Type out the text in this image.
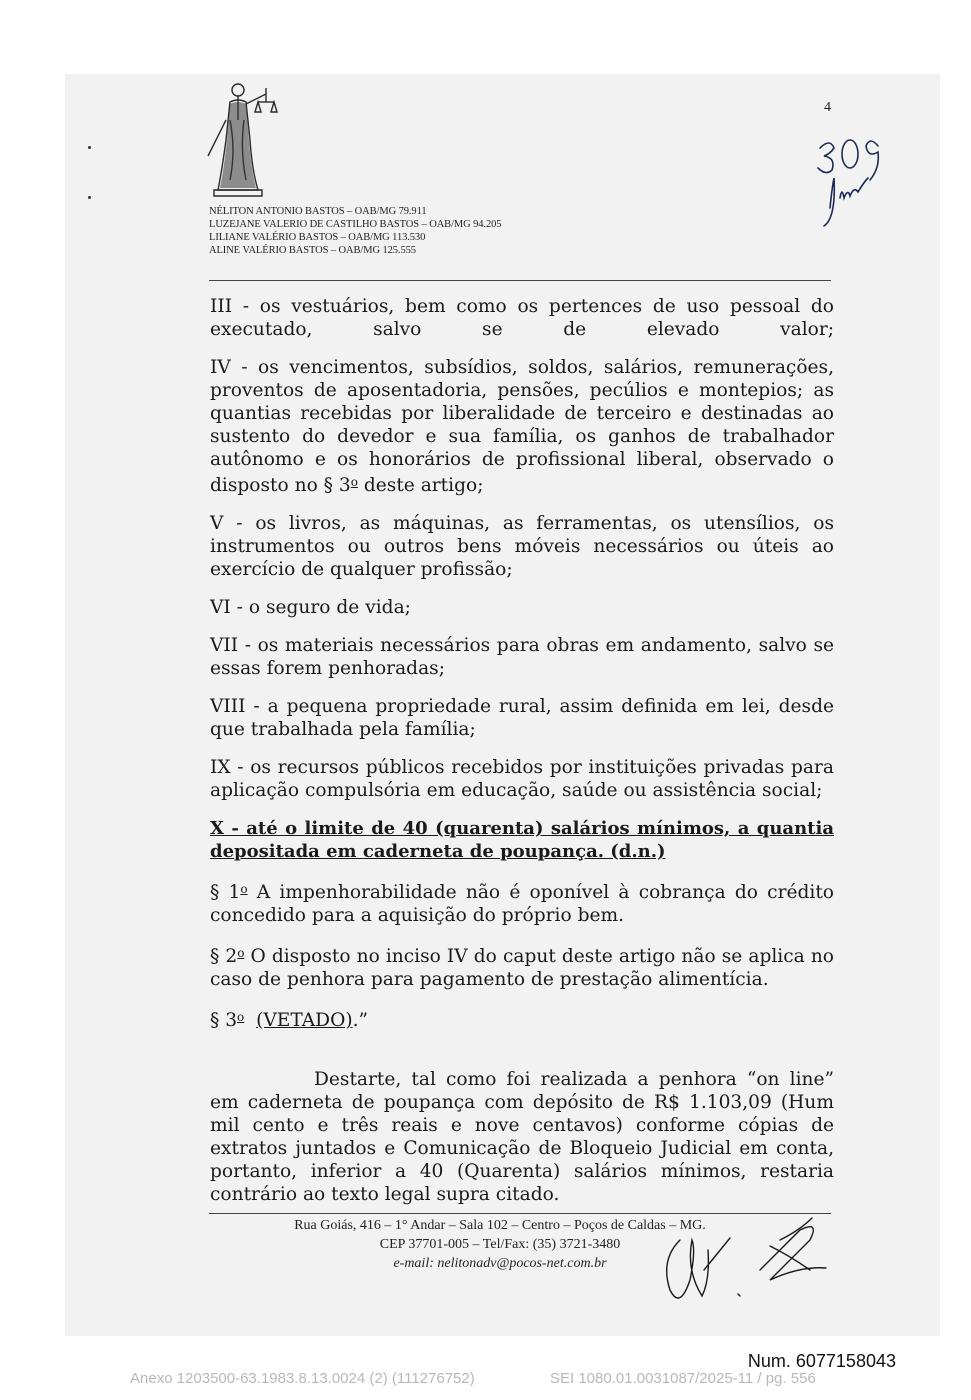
NÉLITON ANTONIO BASTOS – OAB/MG 79.911
LUZEJANE VALERIO DE CASTILHO BASTOS – OAB/MG 94.205
LILIANE VALÉRIO BASTOS – OAB/MG 113.530
ALINE VALÉRIO BASTOS – OAB/MG 125.555
4

III - os vestuários, bem como os pertences de uso pessoal do executado, salvo se de elevado valor;

IV - os vencimentos, subsídios, soldos, salários, remunerações, proventos de aposentadoria, pensões, pecúlios e montepios; as quantias recebidas por liberalidade de terceiro e destinadas ao sustento do devedor e sua família, os ganhos de trabalhador autônomo e os honorários de profissional liberal, observado o disposto no § 3$^o$ deste artigo;

V - os livros, as máquinas, as ferramentas, os utensílios, os instrumentos ou outros bens móveis necessários ou úteis ao exercício de qualquer profissão;

VI - o seguro de vida;

VII - os materiais necessários para obras em andamento, salvo se essas forem penhoradas;

VIII - a pequena propriedade rural, assim definida em lei, desde que trabalhada pela família;

IX - os recursos públicos recebidos por instituições privadas para aplicação compulsória em educação, saúde ou assistência social;

X - até o limite de 40 (quarenta) salários mínimos, a quantia depositada em caderneta de poupança. (d.n.)

§ 1$^o$ A impenhorabilidade não é oponível à cobrança do crédito concedido para a aquisição do próprio bem.

§ 2$^o$ O disposto no inciso IV do caput deste artigo não se aplica no caso de penhora para pagamento de prestação alimentícia.

§ 3$^o$ (VETADO).”

Destarte, tal como foi realizada a penhora “on line” em caderneta de poupança com depósito de R$ 1.103,09 (Hum mil cento e três reais e nove centavos) conforme cópias de extratos juntados e Comunicação de Bloqueio Judicial em conta, portanto, inferior a 40 (Quarenta) salários mínimos, restaria contrário ao texto legal supra citado.

Rua Goiás, 416 – 1° Andar – Sala 102 – Centro – Poços de Caldas – MG.
CEP 37701-005 – Tel/Fax: (35) 3721-3480
e-mail: nelitonadv@pocos-net.com.br
Num. 6077158043
Anexo 1203500-63.1983.8.13.0024 (2) (111276752)	SEI 1080.01.0031087/2025-11 / pg. 556
